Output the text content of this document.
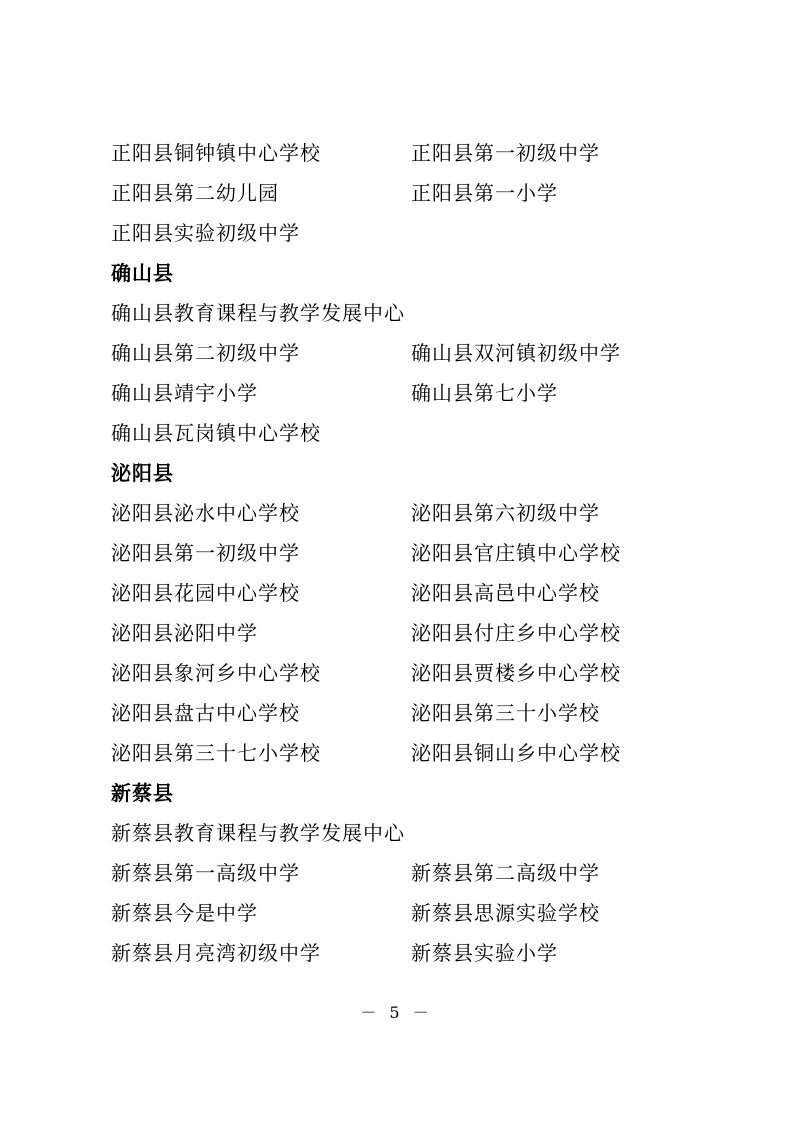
正阳县铜钟镇中心学校	正阳县第一初级中学
正阳县第二幼儿园	正阳县第一小学
正阳县实验初级中学
确山县
确山县教育课程与教学发展中心
确山县第二初级中学	确山县双河镇初级中学
确山县靖宇小学	确山县第七小学
确山县瓦岗镇中心学校
泌阳县
泌阳县泌水中心学校	泌阳县第六初级中学
泌阳县第一初级中学	泌阳县官庄镇中心学校
泌阳县花园中心学校	泌阳县高邑中心学校
泌阳县泌阳中学	泌阳县付庄乡中心学校
泌阳县象河乡中心学校	泌阳县贾楼乡中心学校
泌阳县盘古中心学校	泌阳县第三十小学校
泌阳县第三十七小学校	泌阳县铜山乡中心学校
新蔡县
新蔡县教育课程与教学发展中心
新蔡县第一高级中学	新蔡县第二高级中学
新蔡县今是中学	新蔡县思源实验学校
新蔡县月亮湾初级中学	新蔡县实验小学
－ 5 －
